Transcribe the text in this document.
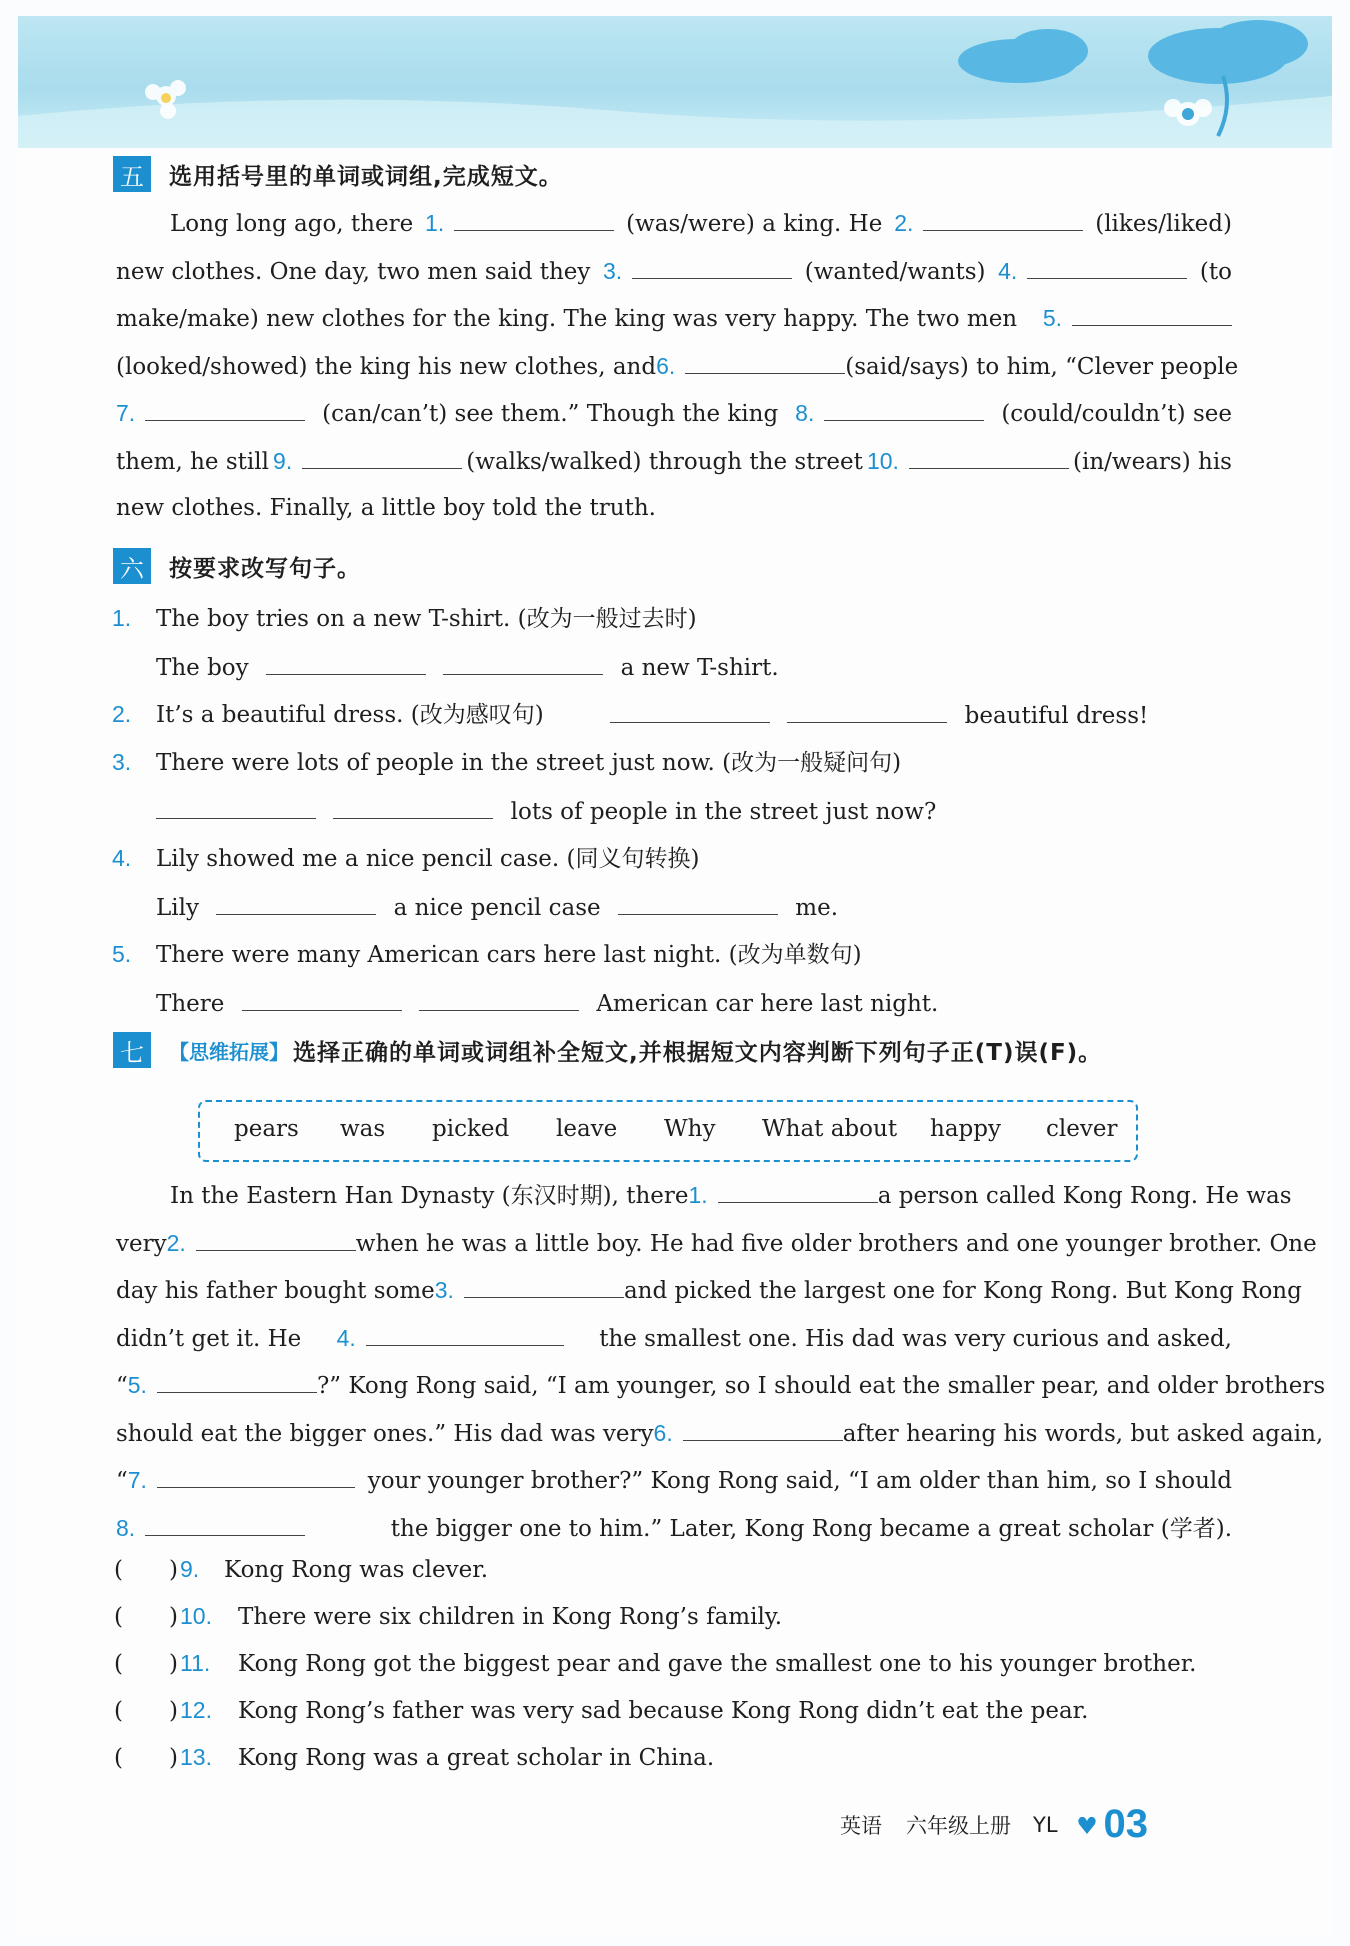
五	选用括号里的单词或词组,完成短文。
Long long ago, there 1.	(was/were) a king. He 2.	(likes/liked)
new clothes. One day, two men said they 3.	(wanted/wants) 4.	(to
make/make) new clothes for the king. The king was very happy. The two men 5.
(looked/showed) the king his new clothes, and 6.	(said/says) to him, “Clever people
7.	(can/can’t) see them.” Though the king 8.	(could/couldn’t) see
them, he still 9.	(walks/walked) through the street 10.	(in/wears) his
new clothes. Finally, a little boy told the truth.
六	按要求改写句子。
1. The boy tries on a new T-shirt. (改为一般过去时)
The boy	a new T-shirt.
2. It’s a beautiful dress. (改为感叹句)	beautiful dress!
3. There were lots of people in the street just now. (改为一般疑问句)
lots of people in the street just now?
4. Lily showed me a nice pencil case. (同义句转换)
Lily	a nice pencil case	me.
5. There were many American cars here last night. (改为单数句)
There	American car here last night.
七	【思维拓展】 选择正确的单词或词组补全短文,并根据短文内容判断下列句子正(T)误(F)。
pears was picked leave Why What about happy clever
In the Eastern Han Dynasty (东汉时期), there 1.	a person called Kong Rong. He was
very 2.	when he was a little boy. He had five older brothers and one younger brother. One
day his father bought some 3.	and picked the largest one for Kong Rong. But Kong Rong
didn’t get it. He 4.	the smallest one. His dad was very curious and asked,
“5.	?” Kong Rong said, “I am younger, so I should eat the smaller pear, and older brothers
should eat the bigger ones.” His dad was very 6.	after hearing his words, but asked again,
“7.	your younger brother?” Kong Rong said, “I am older than him, so I should
8.	the bigger one to him.” Later, Kong Rong became a great scholar (学者).
( )9. Kong Rong was clever.
( )10. There were six children in Kong Rong’s family.
( )11. Kong Rong got the biggest pear and gave the smallest one to his younger brother.
( )12. Kong Rong’s father was very sad because Kong Rong didn’t eat the pear.
( )13. Kong Rong was a great scholar in China.
英语 六年级上册 YL 03
